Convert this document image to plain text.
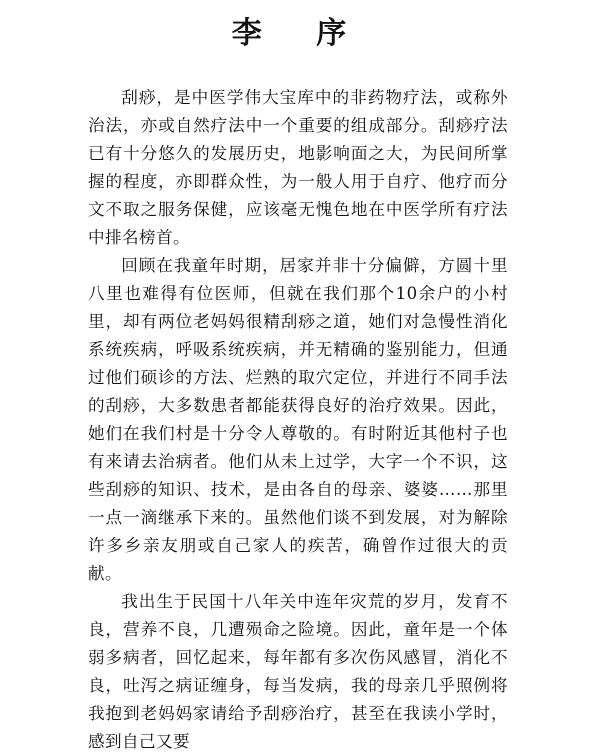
李 序

刮痧，是中医学伟大宝库中的非药物疗法，或称外治法，亦或自然疗法中一个重要的组成部分。刮痧疗法已有十分悠久的发展历史，地影响面之大，为民间所掌握的程度，亦即群众性，为一般人用于自疗、他疗而分文不取之服务保健，应该毫无愧色地在中医学所有疗法中排名榜首。

回顾在我童年时期，居家并非十分偏僻，方圆十里八里也难得有位医师，但就在我们那个10余户的小村里，却有两位老妈妈很精刮痧之道，她们对急慢性消化系统疾病，呼吸系统疾病，并无精确的鉴别能力，但通过他们硕诊的方法、烂熟的取穴定位，并进行不同手法的刮痧，大多数患者都能获得良好的治疗效果。因此，她们在我们村是十分令人尊敬的。有时附近其他村子也有来请去治病者。他们从未上过学，大字一个不识，这些刮痧的知识、技术，是由各自的母亲、婆婆……那里一点一滴继承下来的。虽然他们谈不到发展，对为解除许多乡亲友朋或自己家人的疾苦，确曾作过很大的贡献。

我出生于民国十八年关中连年灾荒的岁月，发育不良，营养不良，几遭殒命之险境。因此，童年是一个体弱多病者，回忆起来，每年都有多次伤风感冒，消化不良，吐泻之病证缠身，每当发病，我的母亲几乎照例将我抱到老妈妈家请给予刮痧治疗，甚至在我读小学时，感到自己又要
